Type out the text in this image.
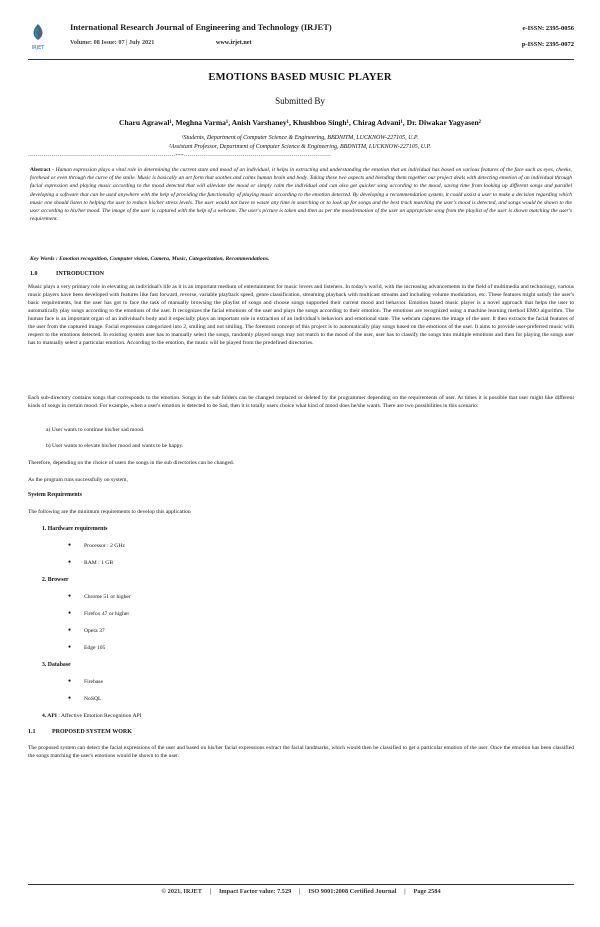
IRJET
International Research Journal of Engineering and Technology (IRJET)
Volume: 08 Issue: 07 | July 2021	www.irjet.net
e-ISSN: 2395-0056
p-ISSN: 2395-0072
EMOTIONS BASED MUSIC PLAYER
Submitted By
Charu Agrawal¹, Meghna Varma¹, Anish Varshaney¹, Khushboo Singh¹, Chirag Advani¹, Dr. Diwakar Yagyasen²
¹Students, Department of Computer Science & Engineering, BBDNITM, LUCKNOW-227105, U.P.
²Assistant Professor, Department of Computer Science & Engineering, BBDNITM, LUCKNOW-227105, U.P.
---------------------------------------------------------------------------***---------------------------------------------------------------------------
Abstract - Human expression plays a vital role in determining the current state and mood of an individual, it helps in extracting and understanding the emotion that an individual has based on various features of the face such as eyes, cheeks, forehead or even through the curve of the smile. Music is basically an art form that soothes and calms human brain and body. Taking these two aspects and blending them together our project deals with detecting emotion of an individual through facial expression and playing music according to the mood detected that will alleviate the mood or simply calm the individual and can also get quicker song according to the mood, saving time from looking up different songs and parallel developing a software that can be used anywhere with the help of providing the functionality of playing music according to the emotion detected. By developing a recommendation system, it could assist a user to make a decision regarding which music one should listen to helping the user to reduce his/her stress levels. The user would not have to waste any time in searching or to look up for songs and the best track matching the user's mood is detected, and songs would be shown to the user according to his/her mood. The image of the user is captured with the help of a webcam. The user's picture is taken and then as per the mood/emotion of the user an appropriate song from the playlist of the user is shown matching the user's requirement.
Key Words : Emotion recognition, Computer vision, Camera, Music, Categorization, Recommendations.
1.0	INTRODUCTION
Music plays a very primary role in elevating an individual's life as it is an important medium of entertainment for music lovers and listeners. In today's world, with the increasing advancements in the field of multimedia and technology, various music players have been developed with features like fast forward, reverse, variable playback speed, genre classification, streaming playback with multicast streams and including volume modulation, etc. These features might satisfy the user's basic requirements, but the user has got to face the task of manually browsing the playlist of songs and choose songs supported their current mood and behavior. Emotion based music player is a novel approach that helps the user to automatically play songs according to the emotions of the user. It recognizes the facial emotions of the user and plays the songs according to their emotion. The emotions are recognized using a machine learning method EMO algorithm. The human face is an important organ of an individual's body and it especially plays an important role in extraction of an individual's behaviors and emotional state. The webcam captures the image of the user. It then extracts the facial features of the user from the captured image. Facial expression categorized into 2, smiling and not smiling. The foremost concept of this project is to automatically play songs based on the emotions of the user. It aims to provide user-preferred music with respect to the emotions detected. In existing system user has to manually select the songs, randomly played songs may not match to the mood of the user, user has to classify the songs into multiple emotions and then for playing the songs user has to manually select a particular emotion. According to the emotion, the music will be played from the predefined directories.
Each sub-directory contains songs that corresponds to the emotion. Songs in the sub folders can be changed /replaced or deleted by the programmer depending on the requirements of user. At times it is possible that user might like different kinds of songs in certain mood. For example, when a user's emotion is detected to be Sad, then it is totally users choice what kind of mood does he/she wants. There are two possibilities in this scenario:
a) User wants to continue his/her sad mood.
b) User wants to elevate his/her mood and wants to be happy.
Therefore, depending on the choice of users the songs in the sub directories can be changed.
As the program runs successfully on system,
System Requirements
The following are the minimum requirements to develop this application
1. Hardware requirements
● Processor : 2 GHz
● RAM : 1 GB
2. Browser
● Chrome 51 or higher
● Firefox 47 or higher
● Opera 37
● Edge 105
3. Database
● Firebase
● NoSQL
4. API : Affective Emotion Recognition API
1.1	PROPOSED SYSTEM WORK
The proposed system can detect the facial expressions of the user and based on his/her facial expressions extract the facial landmarks, which would then be classified to get a particular emotion of the user. Once the emotion has been classified the songs matching the user's emotions would be shown to the user.
© 2021, IRJET     |     Impact Factor value: 7.529     |     ISO 9001:2008 Certified Journal     |     Page 2584
